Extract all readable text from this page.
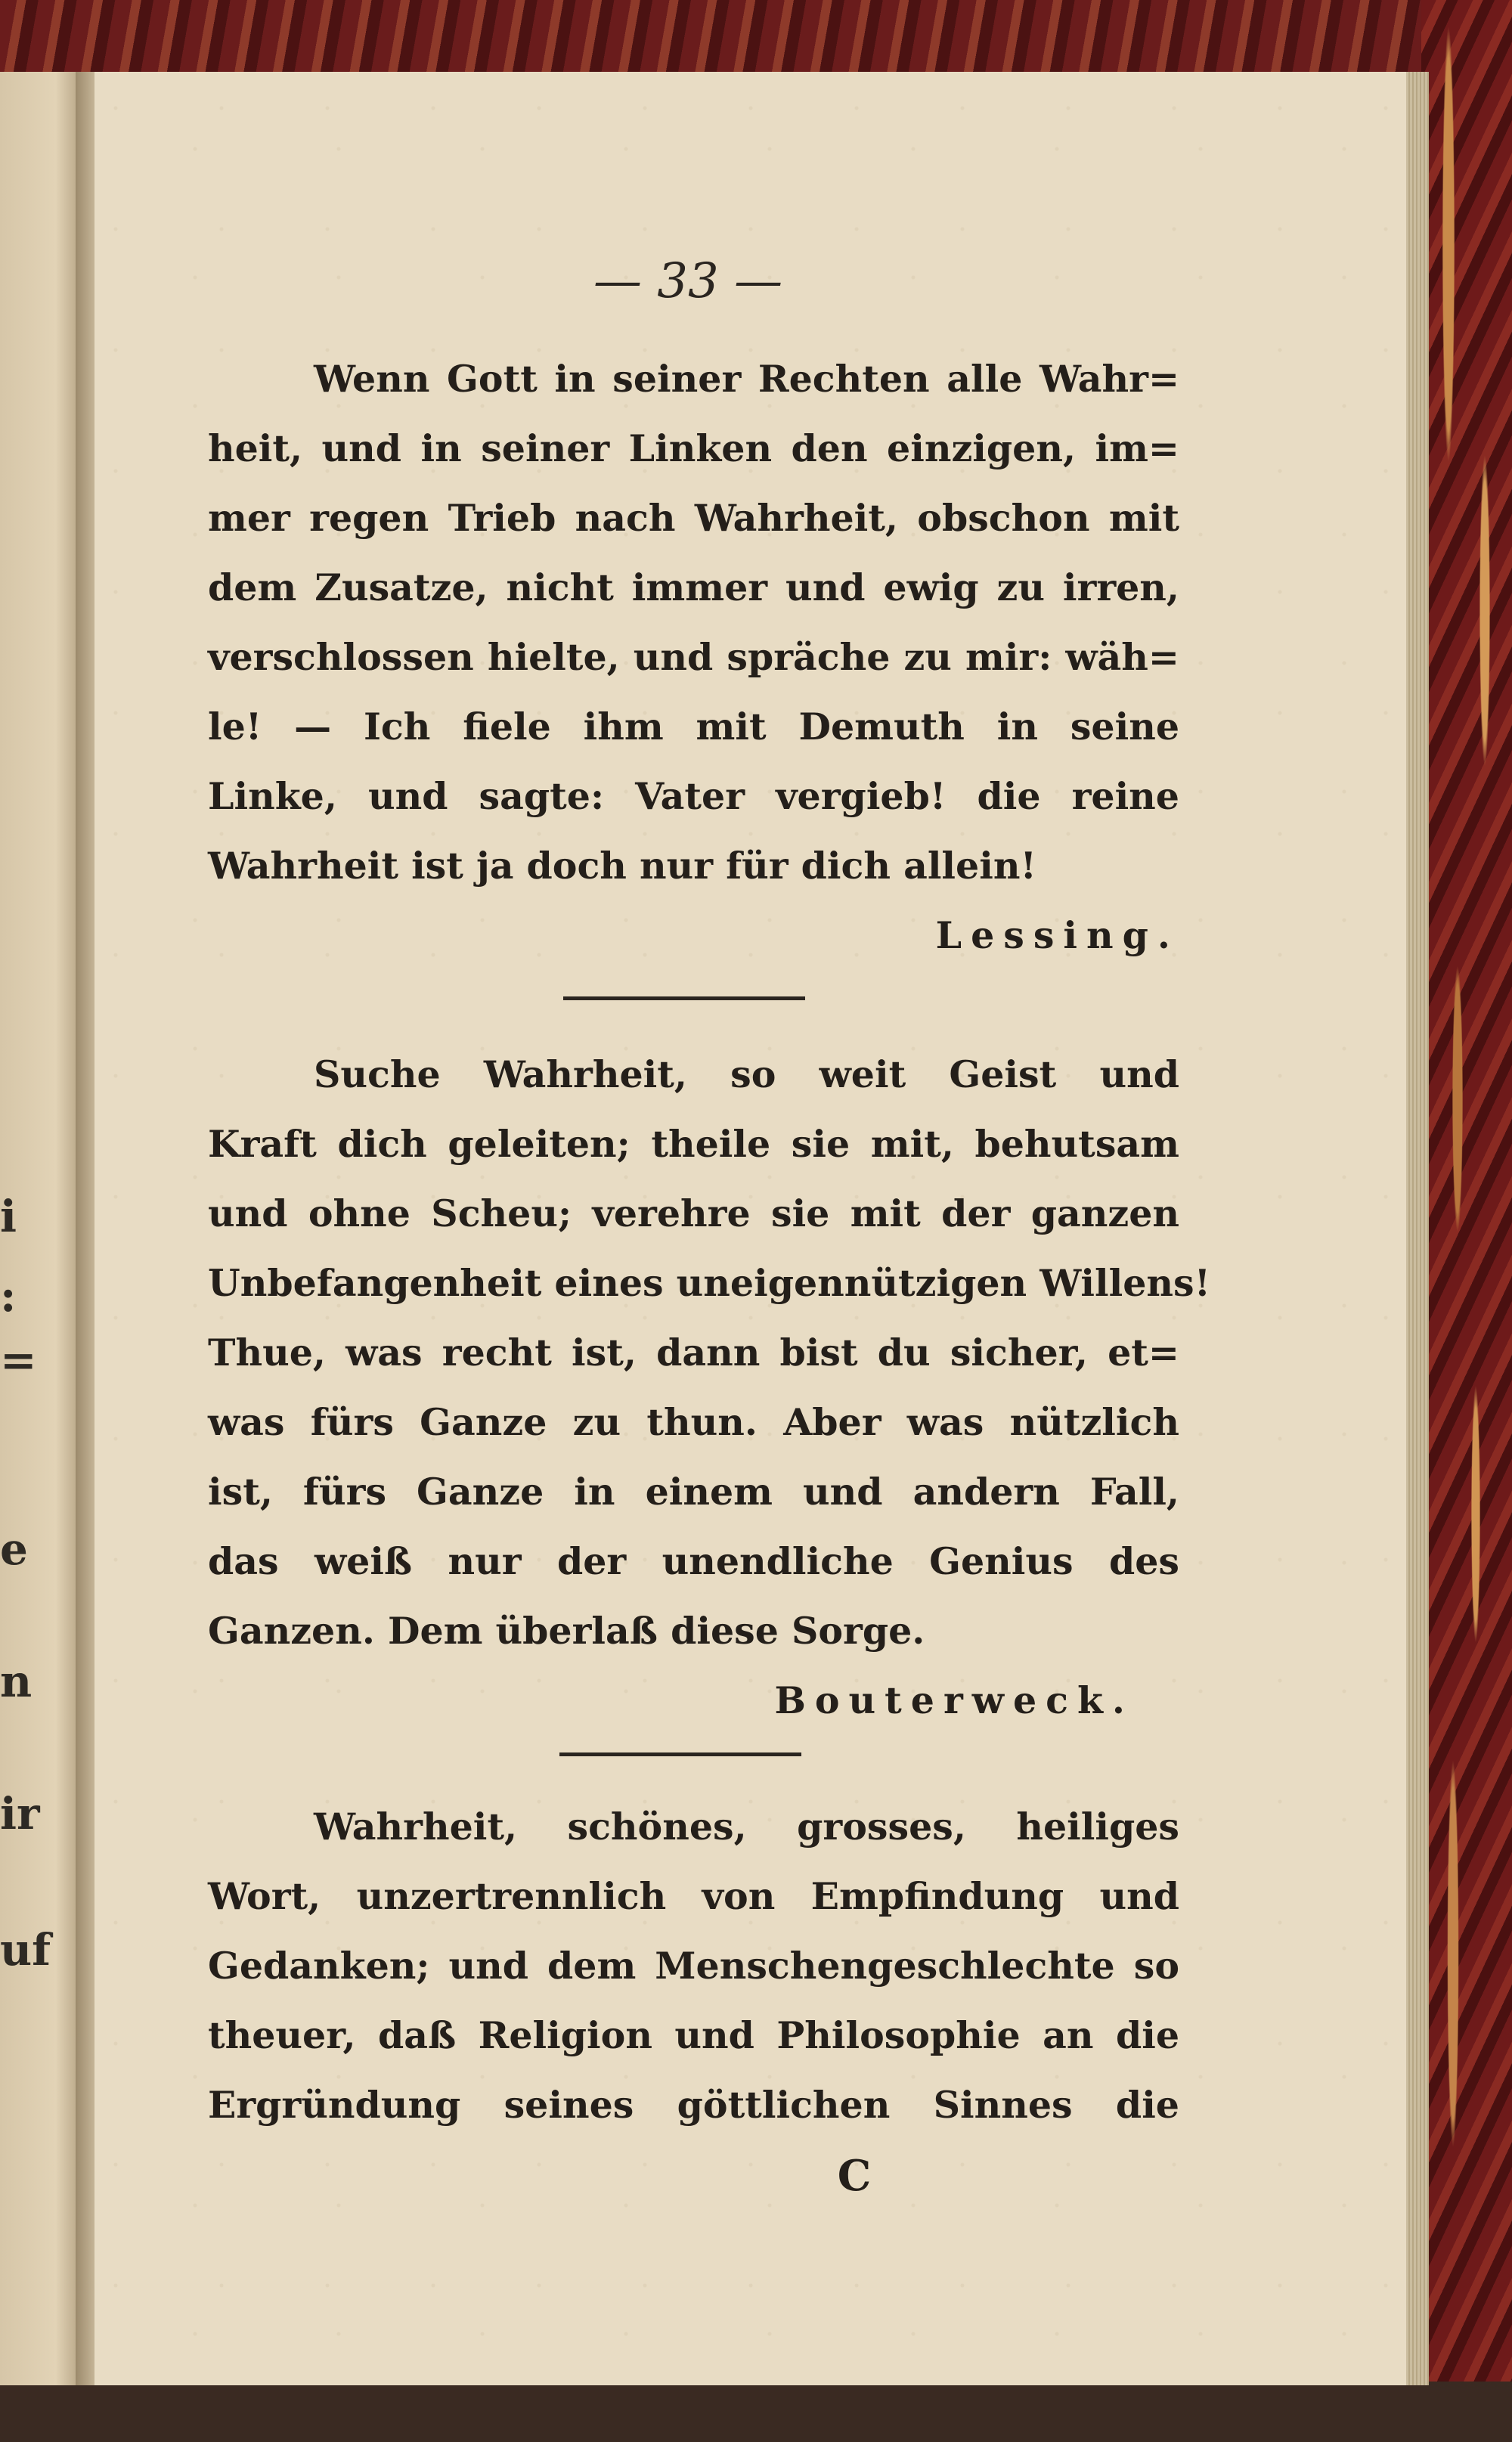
i
:
=
e
n
ir
uf
— 33 —
Wenn Gott in seiner Rechten alle Wahr=
heit, und in seiner Linken den einzigen, im=
mer regen Trieb nach Wahrheit, obschon mit
dem Zusatze, nicht immer und ewig zu irren,
verschlossen hielte, und spräche zu mir: wäh=
le! — Ich fiele ihm mit Demuth in seine
Linke, und sagte: Vater vergieb! die reine
Wahrheit ist ja doch nur für dich allein!
Lessing.
Suche Wahrheit, so weit Geist und
Kraft dich geleiten; theile sie mit, behutsam
und ohne Scheu; verehre sie mit der ganzen
Unbefangenheit eines uneigennützigen Willens!
Thue, was recht ist, dann bist du sicher, et=
was fürs Ganze zu thun. Aber was nützlich
ist, fürs Ganze in einem und andern Fall,
das weiß nur der unendliche Genius des
Ganzen. Dem überlaß diese Sorge.
Bouterweck.
Wahrheit, schönes, grosses, heiliges
Wort, unzertrennlich von Empfindung und
Gedanken; und dem Menschengeschlechte so
theuer, daß Religion und Philosophie an die
Ergründung seines göttlichen Sinnes die
C
